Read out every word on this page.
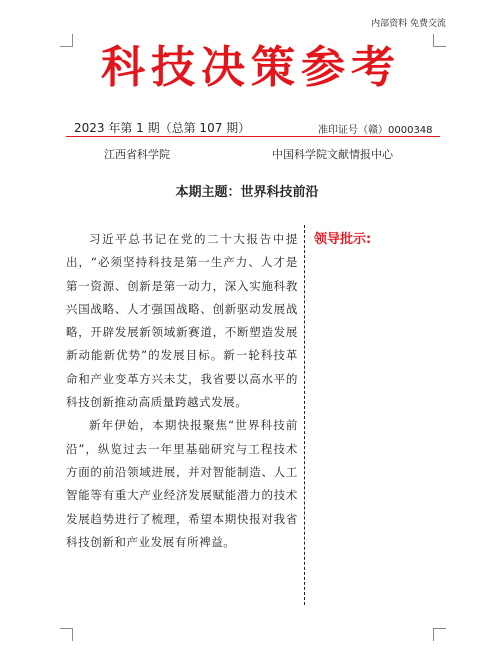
内部资料 免费交流
科技决策参考
2023 年第 1 期（总第 107 期）	准印证号（赣）0000348
江西省科学院	中国科学院文献情报中心
本期主题：世界科技前沿

习近平总书记在党的二十大报告中提出，“必须坚持科技是第一生产力、人才是第一资源、创新是第一动力，深入实施科教兴国战略、人才强国战略、创新驱动发展战略，开辟发展新领域新赛道，不断塑造发展新动能新优势”的发展目标。新一轮科技革命和产业变革方兴未艾，我省要以高水平的科技创新推动高质量跨越式发展。

新年伊始，本期快报聚焦“世界科技前沿”，纵览过去一年里基础研究与工程技术方面的前沿领域进展，并对智能制造、人工智能等有重大产业经济发展赋能潜力的技术发展趋势进行了梳理，希望本期快报对我省科技创新和产业发展有所裨益。

领导批示:
